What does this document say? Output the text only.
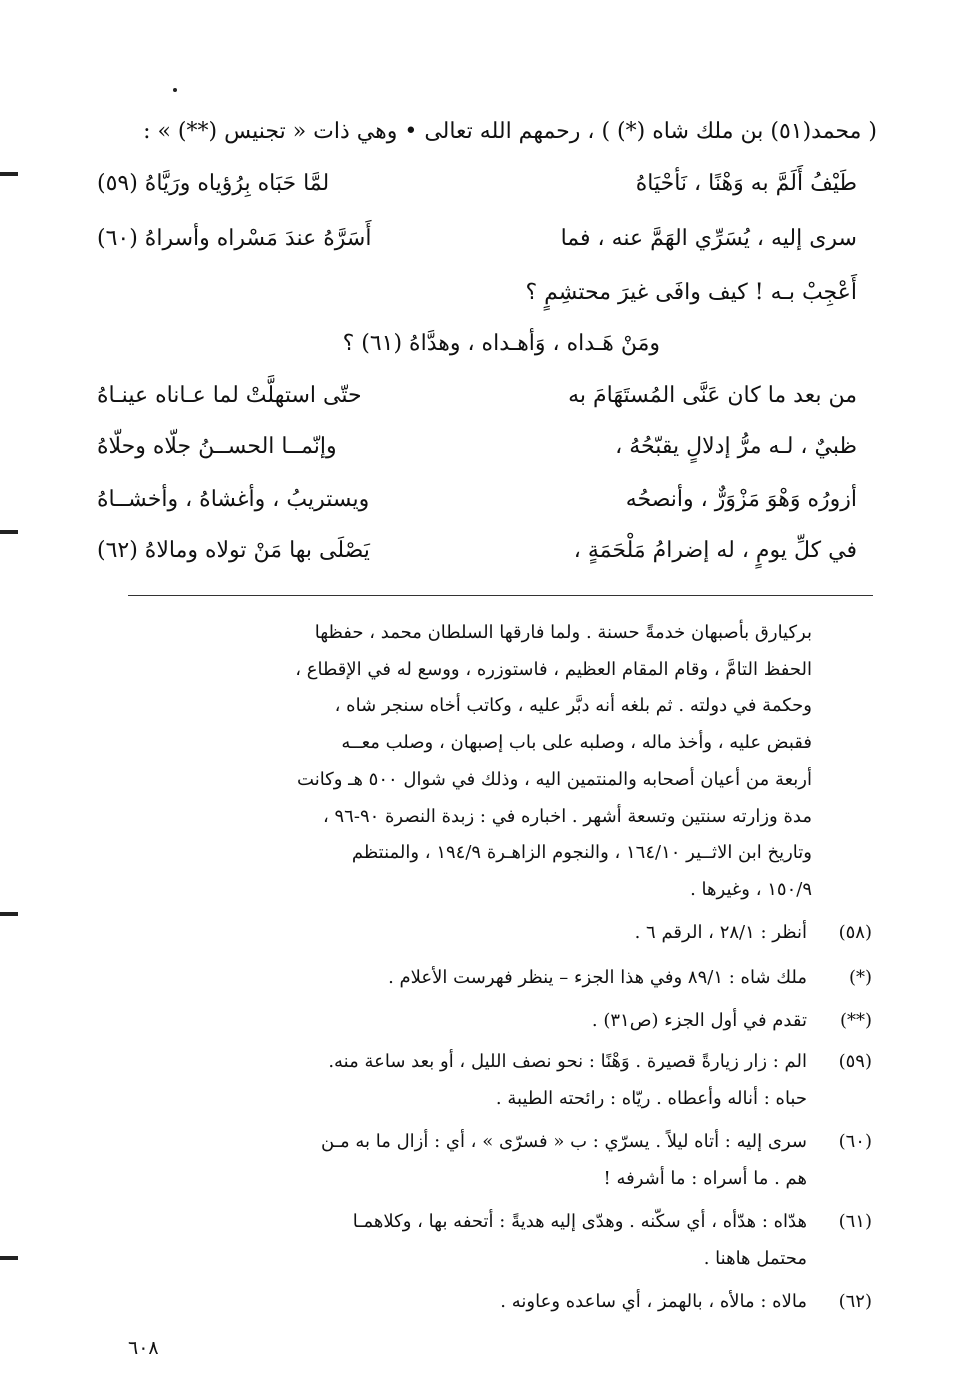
( محمد‌‌(٥١) بن ملك شاه (*) ) ، رحمهم الله تعالى • وهي ذات « تجنيس (**) » :
طَيْفُ أَلَمَّ به وَهْنًا ، نَأحْيَاهُ
لمَّا حَبَاه بِرُؤياه ورَيَّاهُ (٥٩)
سرى إليه ، يُسَرِّي الهَمَّ عنه ، فما
أَسَرَّهُ عندَ مَسْراه وأسراهُ (٦٠)
أَعْجِبْ بـه ! كيف وافَى غيرَ محتشِمٍ ؟
ومَنْ هَـداه ، وَأهـداه ، وهدَّاهُ (٦١) ؟
من بعد ما كان عَنَّى المُستَهَامَ به
حتّى استهلَّتْ لما عـاناه عينـاهُ
ظبيٌ ، لـه مرُّ إدلالٍ يقبّحُهُ ،
وإنّمــا الحســنُ جلّاه وحلّاهُ
أزورُه وَهْوَ مَزْوَرٌّ ، وأنصحُه
ويستريبُ ، وأغشاهُ ، وأخشــاهُ
في كلِّ يومٍ ، له إضرامُ مَلْحَمَةٍ ،
يَصْلَى بها مَنْ تولاه ومالاهُ (٦٢)

بركيارق بأصبهان خدمةً حسنة . ولما فارقها السلطان محمد ، حفظها

الحفظ التامَّ ، وقام المقام العظيم ، فاستوزره ، ووسع له في الإقطاع ،

وحكمة في دولته . ثم بلغه أنه دبَّر عليه ، وكاتب أخاه سنجر شاه ،

فقبض عليه ، وأخذ ماله ، وصلبه على باب إصبهان ، وصلب معــه

أربعة من أعيان أصحابه والمنتمين اليه ، وذلك في شوال ٥٠٠ هـ وكانت

مدة وزارته سنتين وتسعة أشهر . اخباره في : زبدة النصرة ٩٠-٩٦ ،

وتاريخ ابن الاثــير ١٦٤/١٠ ، والنجوم الزاهـرة ١٩٤/٩ ، والمنتظم

١٥٠/٩ ، وغيرها .

(٥٨)

أنظر : ٢٨/١ ، الرقم ٦ .

(*)

ملك شاه : ٨٩/١ وفي هذا الجزء – ينظر فهرست الأعلام .

(**)

تقدم في أول الجزء (ص٣١) .

(٥٩)

الم : زار زيارةً قصيرة . وَهْنًا : نحو نصف الليل ، أو بعد ساعة منه.

حباه : أناله وأعطاه . ريّاه : رائحته الطيبة .

(٦٠)

سرى إليه : أتاه ليلاً . يسرّي : ب « فسرّى » ، أي : أزال ما به مـن

هم . ما أسراه : ما أشرفه !

(٦١)

هدّاه : هدّأه ، أي سكّنه . وهدّى إليه هديةً : أتحفه بها ، وكلاهمـا

محتمل هاهنا .

(٦٢)

مالاه : مالأه ، بالهمز ، أي ساعده وعاونه .

٦٠٨
